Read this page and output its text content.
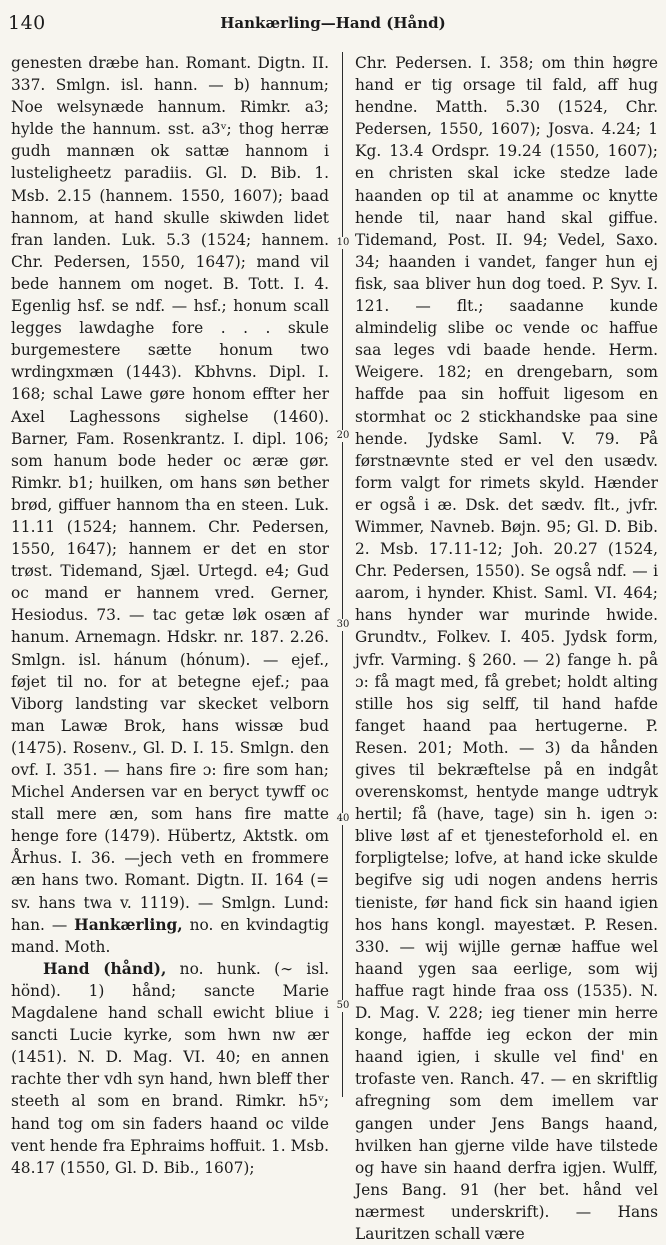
140	Hankærling—Hand (Hånd)

genesten dræbe han. Romant. Digtn. II. 337. Smlgn. isl. hann. — b) hannum; Noe welsynæde hannum. Rimkr. a3; hylde the hannum. sst. a3ᵛ; thog herræ gudh mannæn ok sattæ hannom i lusteligheetz paradiis. Gl. D. Bib. 1. Msb. 2.15 (hannem. 1550, 1607); baad hannom, at hand skulle skiwden lidet fran landen. Luk. 5.3 (1524; hannem. Chr. Pedersen, 1550, 1647); mand vil bede hannem om noget. B. Tott. I. 4. Egenlig hsf. se ndf. — hsf.; honum scall legges lawdaghe fore . . . skule burgemestere sætte honum two wrdingxmæn (1443). Kbhvns. Dipl. I. 168; schal Lawe gøre honom effter her Axel Laghessons sighelse (1460). Barner, Fam. Rosenkrantz. I. dipl. 106; som hanum bode heder oc æræ gør. Rimkr. b1; huilken, om hans søn bether brød, giffuer hannom tha en steen. Luk. 11.11 (1524; hannem. Chr. Pedersen, 1550, 1647); hannem er det en stor trøst. Tidemand, Sjæl. Urtegd. e4; Gud oc mand er hannem vred. Gerner, Hesiodus. 73. — tac getæ løk osæn af hanum. Arnemagn. Hdskr. nr. 187. 2.26. Smlgn. isl. hánum (hónum). — ejef., føjet til no. for at betegne ejef.; paa Viborg landsting var skecket velborn man Lawæ Brok, hans wissæ bud (1475). Rosenv., Gl. D. I. 15. Smlgn. den ovf. I. 351. — hans fire ɔ: fire som han; Michel Andersen var en beryct tywff oc stall mere æn, som hans fire matte henge fore (1479). Hübertz, Aktstk. om Århus. I. 36. —jech veth en frommere æn hans two. Romant. Digtn. II. 164 (= sv. hans twa v. 1119). — Smlgn. Lund: han. — Hankærling, no. en kvindagtig mand. Moth.

Hand (hånd), no. hunk. (∼ isl. hönd). 1) hånd; sancte Marie Magdalene hand schall ewicht bliue i sancti Lucie kyrke, som hwn nw ær (1451). N. D. Mag. VI. 40; en annen rachte ther vdh syn hand, hwn bleff ther steeth al som en brand. Rimkr. h5ᵛ; hand tog om sin faders haand oc vilde vent hende fra Ephraims hoffuit. 1. Msb. 48.17 (1550, Gl. D. Bib., 1607);

10
20
30
40
50

Chr. Pedersen. I. 358; om thin høgre hand er tig orsage til fald, aff hug hendne. Matth. 5.30 (1524, Chr. Pedersen, 1550, 1607); Josva. 4.24; 1 Kg. 13.4 Ordspr. 19.24 (1550, 1607); en christen skal icke stedze lade haanden op til at anamme oc knytte hende til, naar hand skal giffue. Tidemand, Post. II. 94; Vedel, Saxo. 34; haanden i vandet, fanger hun ej fisk, saa bliver hun dog toed. P. Syv. I. 121. — flt.; saadanne kunde almindelig slibe oc vende oc haffue saa leges vdi baade hende. Herm. Weigere. 182; en drengebarn, som haffde paa sin hoffuit ligesom en stormhat oc 2 stickhandske paa sine hende. Jydske Saml. V. 79. På førstnævnte sted er vel den usædv. form valgt for rimets skyld. Hænder er også i æ. Dsk. det sædv. flt., jvfr. Wimmer, Navneb. Bøjn. 95; Gl. D. Bib. 2. Msb. 17.11-12; Joh. 20.27 (1524, Chr. Pedersen, 1550). Se også ndf. — i aarom, i hynder. Khist. Saml. VI. 464; hans hynder war murinde hwide. Grundtv., Folkev. I. 405. Jydsk form, jvfr. Varming. § 260. — 2) fange h. på ɔ: få magt med, få grebet; holdt alting stille hos sig selff, til hand hafde fanget haand paa hertugerne. P. Resen. 201; Moth. — 3) da hånden gives til bekræftelse på en indgåt overenskomst, hentyde mange udtryk hertil; få (have, tage) sin h. igen ɔ: blive løst af et tjenesteforhold el. en forpligtelse; lofve, at hand icke skulde begifve sig udi nogen andens herris tieniste, før hand fick sin haand igien hos hans kongl. mayestæt. P. Resen. 330. — wij wijlle gernæ haffue wel haand ygen saa eerlige, som wij haffue ragt hinde fraa oss (1535). N. D. Mag. V. 228; ieg tiener min herre konge, haffde ieg eckon der min haand igien, i skulle vel find' en trofaste ven. Ranch. 47. — en skriftlig afregning som dem imellem var gangen under Jens Bangs haand, hvilken han gjerne vilde have tilstede og have sin haand derfra igjen. Wulff, Jens Bang. 91 (her bet. hånd vel nærmest underskrift). — Hans Lauritzen schall være
